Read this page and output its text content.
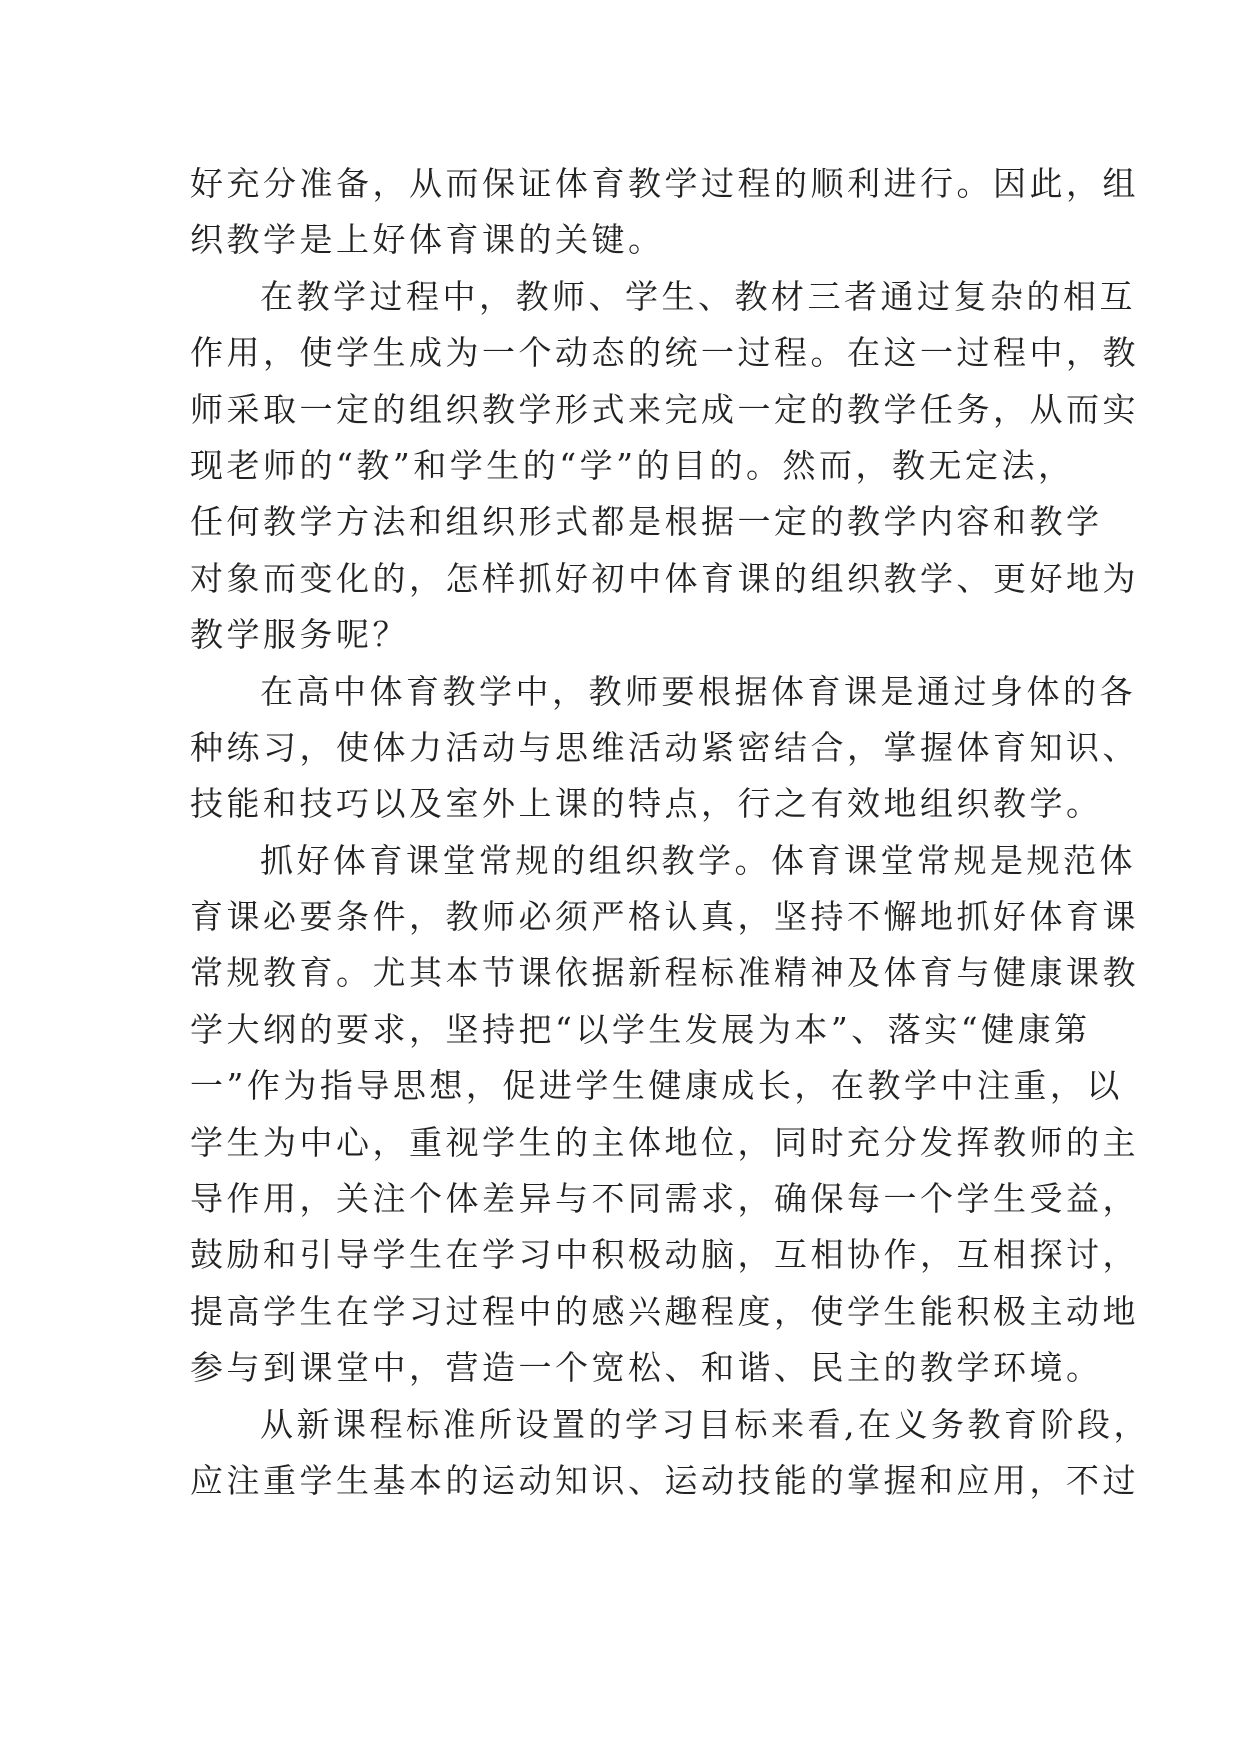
好充分准备，从而保证体育教学过程的顺利进行。因此，组
织教学是上好体育课的关键。
在教学过程中，教师、学生、教材三者通过复杂的相互
作用，使学生成为一个动态的统一过程。在这一过程中，教
师采取一定的组织教学形式来完成一定的教学任务，从而实
现老师的“教”和学生的“学”的目的。然而，教无定法，
任何教学方法和组织形式都是根据一定的教学内容和教学
对象而变化的，怎样抓好初中体育课的组织教学、更好地为
教学服务呢？
在高中体育教学中，教师要根据体育课是通过身体的各
种练习，使体力活动与思维活动紧密结合，掌握体育知识、
技能和技巧以及室外上课的特点，行之有效地组织教学。
抓好体育课堂常规的组织教学。体育课堂常规是规范体
育课必要条件，教师必须严格认真，坚持不懈地抓好体育课
常规教育。尤其本节课依据新程标准精神及体育与健康课教
学大纲的要求，坚持把“以学生发展为本”、落实“健康第
一”作为指导思想，促进学生健康成长，在教学中注重，以
学生为中心，重视学生的主体地位，同时充分发挥教师的主
导作用，关注个体差异与不同需求，确保每一个学生受益，
鼓励和引导学生在学习中积极动脑，互相协作，互相探讨，
提高学生在学习过程中的感兴趣程度，使学生能积极主动地
参与到课堂中，营造一个宽松、和谐、民主的教学环境。
从新课程标准所设置的学习目标来看,在义务教育阶段，
应注重学生基本的运动知识、运动技能的掌握和应用，不过
